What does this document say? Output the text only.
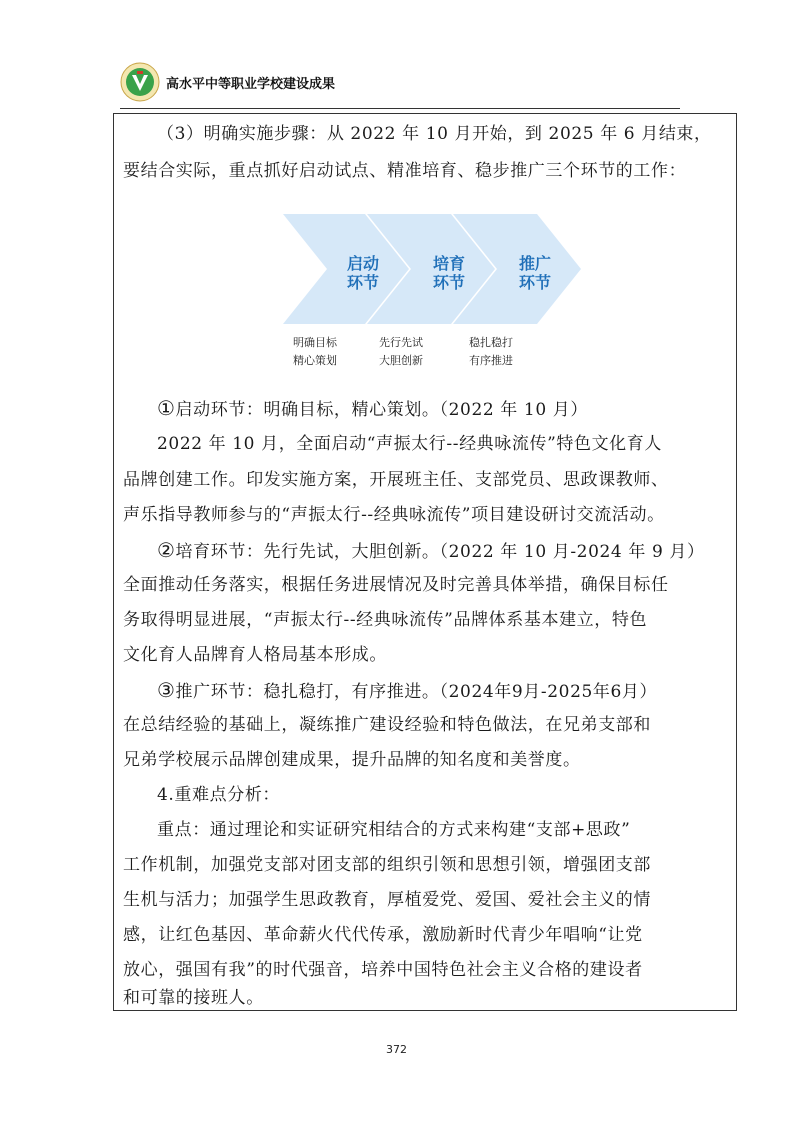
高水平中等职业学校建设成果

（3）明确实施步骤：从 2022 年 10 月开始，到 2025 年 6 月结束，

要结合实际，重点抓好启动试点、精准培育、稳步推广三个环节的工作：

启动
环节
培育
环节
推广
环节
明确目标
精心策划
先行先试
大胆创新
稳扎稳打
有序推进

①启动环节：明确目标，精心策划。（2022 年 10 月）

2022 年 10 月，全面启动“声振太行--经典咏流传”特色文化育人

品牌创建工作。印发实施方案，开展班主任、支部党员、思政课教师、

声乐指导教师参与的“声振太行--经典咏流传”项目建设研讨交流活动。

②培育环节：先行先试，大胆创新。（2022 年 10 月-2024 年 9 月）

全面推动任务落实，根据任务进展情况及时完善具体举措，确保目标任

务取得明显进展，“声振太行--经典咏流传”品牌体系基本建立，特色

文化育人品牌育人格局基本形成。

③推广环节：稳扎稳打，有序推进。（2024年9月-2025年6月）

在总结经验的基础上，凝练推广建设经验和特色做法，在兄弟支部和

兄弟学校展示品牌创建成果，提升品牌的知名度和美誉度。

4.重难点分析：

重点：通过理论和实证研究相结合的方式来构建“支部+思政”

工作机制，加强党支部对团支部的组织引领和思想引领，增强团支部

生机与活力；加强学生思政教育，厚植爱党、爱国、爱社会主义的情

感，让红色基因、革命薪火代代传承，激励新时代青少年唱响“让党

放心，强国有我”的时代强音，培养中国特色社会主义合格的建设者

和可靠的接班人。

372
